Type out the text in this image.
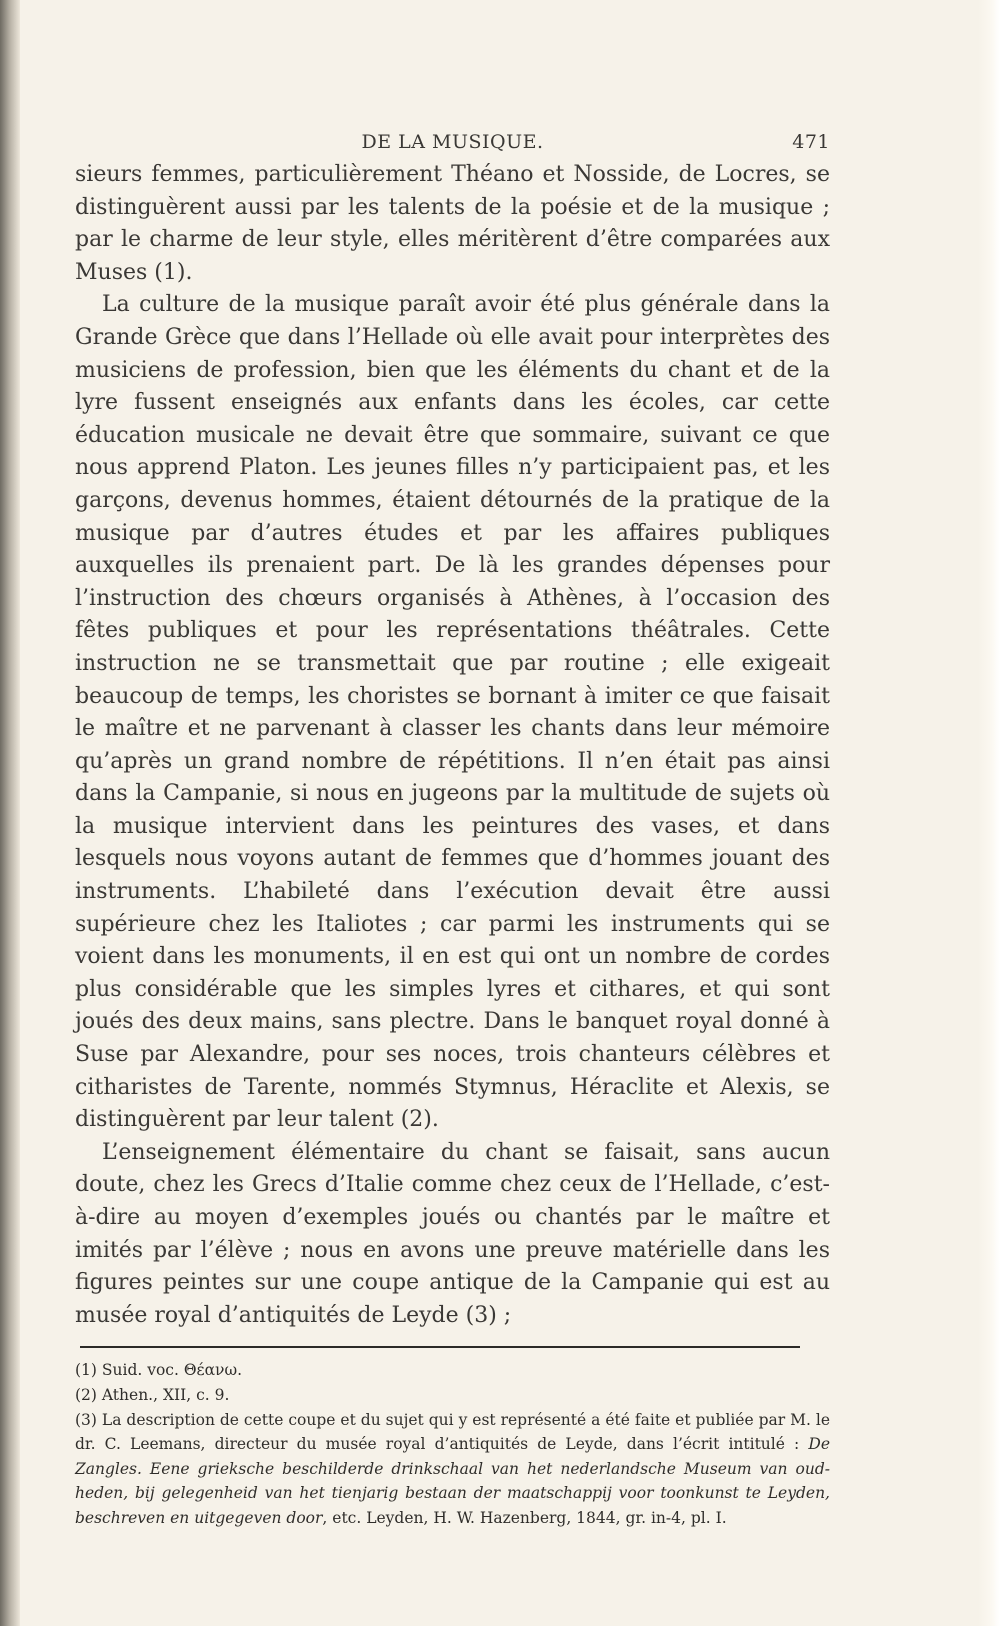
DE LA MUSIQUE.	471

sieurs femmes, particulièrement Théano et Nosside, de Locres, se distinguèrent aussi par les talents de la poésie et de la musique ; par le charme de leur style, elles méritèrent d’être comparées aux Muses (1).

La culture de la musique paraît avoir été plus générale dans la Grande Grèce que dans l’Hellade où elle avait pour interprètes des musiciens de profession, bien que les éléments du chant et de la lyre fussent enseignés aux enfants dans les écoles, car cette éducation musicale ne devait être que sommaire, suivant ce que nous apprend Platon. Les jeunes filles n’y participaient pas, et les garçons, devenus hommes, étaient détournés de la pratique de la musique par d’autres études et par les affaires publiques auxquelles ils prenaient part. De là les grandes dépenses pour l’instruction des chœurs organisés à Athènes, à l’occasion des fêtes publiques et pour les représentations théâtrales. Cette instruction ne se transmettait que par routine ; elle exigeait beaucoup de temps, les choristes se bornant à imiter ce que faisait le maître et ne parvenant à classer les chants dans leur mémoire qu’après un grand nombre de répétitions. Il n’en était pas ainsi dans la Campanie, si nous en jugeons par la multitude de sujets où la musique intervient dans les peintures des vases, et dans lesquels nous voyons autant de femmes que d’hommes jouant des instruments. L’habileté dans l’exécution devait être aussi supérieure chez les Italiotes ; car parmi les instruments qui se voient dans les monuments, il en est qui ont un nombre de cordes plus considérable que les simples lyres et cithares, et qui sont joués des deux mains, sans plectre. Dans le banquet royal donné à Suse par Alexandre, pour ses noces, trois chanteurs célèbres et citharistes de Tarente, nommés Stymnus, Héraclite et Alexis, se distinguèrent par leur talent (2).

L’enseignement élémentaire du chant se faisait, sans aucun doute, chez les Grecs d’Italie comme chez ceux de l’Hellade, c’est-à-dire au moyen d’exemples joués ou chantés par le maître et imités par l’élève ; nous en avons une preuve matérielle dans les figures peintes sur une coupe antique de la Campanie qui est au musée royal d’antiquités de Leyde (3) ;

(1) Suid. voc. Θέανω.

(2) Athen., XII, c. 9.

(3) La description de cette coupe et du sujet qui y est représenté a été faite et publiée par M. le dr. C. Leemans, directeur du musée royal d’antiquités de Leyde, dans l’écrit intitulé : De Zangles. Eene grieksche beschilderde drinkschaal van het nederlandsche Museum van oudheden, bij gelegenheid van het tienjarig bestaan der maatschappij voor toonkunst te Leyden, beschreven en uitgegeven door, etc. Leyden, H. W. Hazenberg, 1844, gr. in-4, pl. I.
